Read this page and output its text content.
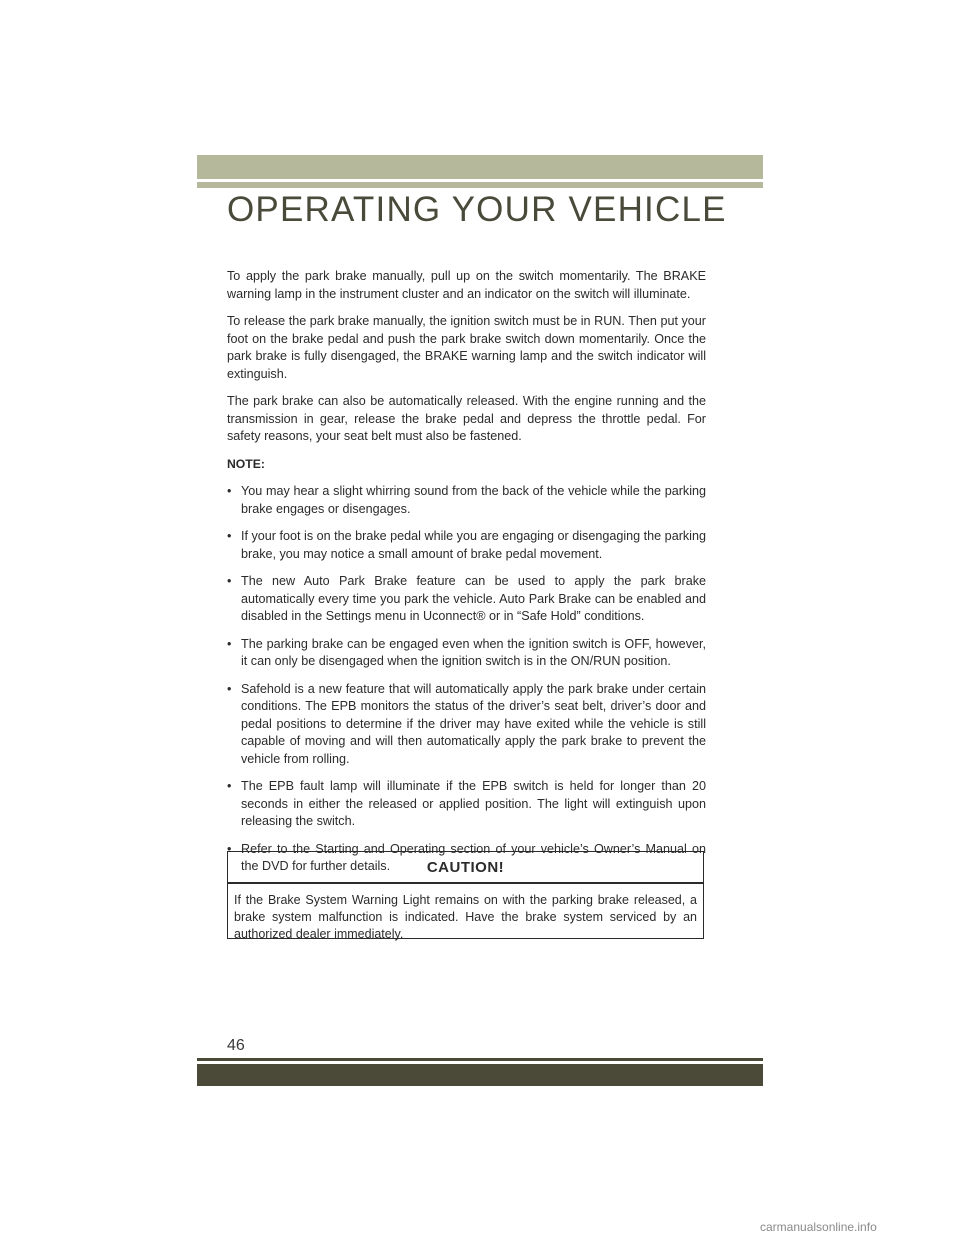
OPERATING YOUR VEHICLE

To apply the park brake manually, pull up on the switch momentarily. The BRAKE warning lamp in the instrument cluster and an indicator on the switch will illuminate.

To release the park brake manually, the ignition switch must be in RUN. Then put your foot on the brake pedal and push the park brake switch down momentarily. Once the park brake is fully disengaged, the BRAKE warning lamp and the switch indicator will extinguish.

The park brake can also be automatically released. With the engine running and the transmission in gear, release the brake pedal and depress the throttle pedal. For safety reasons, your seat belt must also be fastened.

NOTE:
• You may hear a slight whirring sound from the back of the vehicle while the parking brake engages or disengages.
• If your foot is on the brake pedal while you are engaging or disengaging the parking brake, you may notice a small amount of brake pedal movement.
• The new Auto Park Brake feature can be used to apply the park brake automatically every time you park the vehicle. Auto Park Brake can be enabled and disabled in the Settings menu in Uconnect® or in “Safe Hold” conditions.
• The parking brake can be engaged even when the ignition switch is OFF, however, it can only be disengaged when the ignition switch is in the ON/RUN position.
• Safehold is a new feature that will automatically apply the park brake under certain conditions. The EPB monitors the status of the driver’s seat belt, driver’s door and pedal positions to determine if the driver may have exited while the vehicle is still capable of moving and will then automatically apply the park brake to prevent the vehicle from rolling.
• The EPB fault lamp will illuminate if the EPB switch is held for longer than 20 seconds in either the released or applied position. The light will extinguish upon releasing the switch.
• Refer to the Starting and Operating section of your vehicle’s Owner’s Manual on the DVD for further details.	CAUTION!
If the Brake System Warning Light remains on with the parking brake released, a brake system malfunction is indicated. Have the brake system serviced by an authorized dealer immediately.
46
carmanualsonline.info
